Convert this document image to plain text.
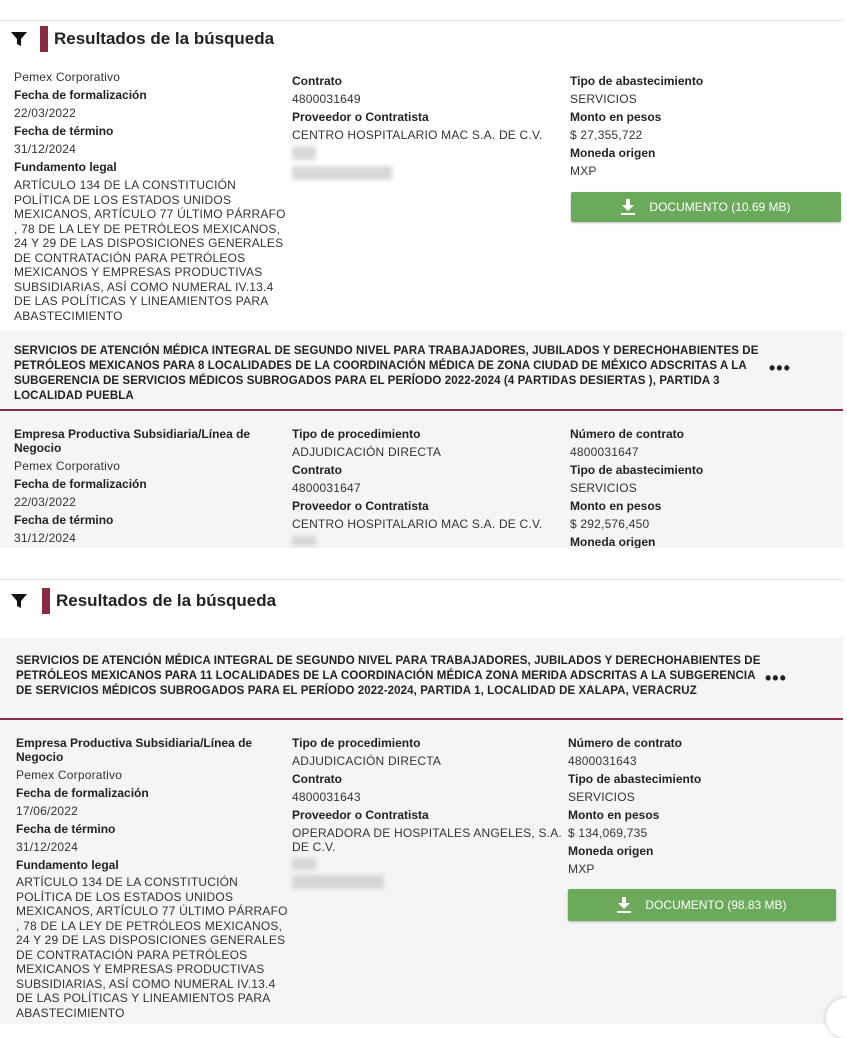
Resultados de la búsqueda
Pemex Corporativo
Fecha de formalización
22/03/2022
Fecha de término
31/12/2024
Fundamento legal
ARTÍCULO 134 DE LA CONSTITUCIÓN
POLÍTICA DE LOS ESTADOS UNIDOS
MEXICANOS, ARTÍCULO 77 ÚLTIMO PÁRRAFO
, 78 DE LA LEY DE PETRÓLEOS MEXICANOS,
24 Y 29 DE LAS DISPOSICIONES GENERALES
DE CONTRATACIÓN PARA PETRÓLEOS
MEXICANOS Y EMPRESAS PRODUCTIVAS
SUBSIDIARIAS, ASÍ COMO NUMERAL IV.13.4
DE LAS POLÍTICAS Y LINEAMIENTOS PARA
ABASTECIMIENTO
Contrato
4800031649
Proveedor o Contratista
CENTRO HOSPITALARIO MAC S.A. DE C.V.
Tipo de abastecimiento
SERVICIOS
Monto en pesos
$ 27,355,722
Moneda origen
MXP
DOCUMENTO (10.69 MB)
SERVICIOS DE ATENCIÓN MÉDICA INTEGRAL DE SEGUNDO NIVEL PARA TRABAJADORES, JUBILADOS Y DERECHOHABIENTES DE PETRÓLEOS MEXICANOS PARA 8 LOCALIDADES DE LA COORDINACIÓN MÉDICA DE ZONA CIUDAD DE MÉXICO ADSCRITAS A LA SUBGERENCIA DE SERVICIOS MÉDICOS SUBROGADOS PARA EL PERÍODO 2022-2024 (4 PARTIDAS DESIERTAS ), PARTIDA 3 LOCALIDAD PUEBLA
•••
Empresa Productiva Subsidiaria/Línea de Negocio
Pemex Corporativo
Fecha de formalización
22/03/2022
Fecha de término
31/12/2024
Tipo de procedimiento
ADJUDICACIÓN DIRECTA
Contrato
4800031647
Proveedor o Contratista
CENTRO HOSPITALARIO MAC S.A. DE C.V.
Número de contrato
4800031647
Tipo de abastecimiento
SERVICIOS
Monto en pesos
$ 292,576,450
Moneda origen
Resultados de la búsqueda
SERVICIOS DE ATENCIÓN MÉDICA INTEGRAL DE SEGUNDO NIVEL PARA TRABAJADORES, JUBILADOS Y DERECHOHABIENTES DE PETRÓLEOS MEXICANOS PARA 11 LOCALIDADES DE LA COORDINACIÓN MÉDICA ZONA MERIDA ADSCRITAS A LA SUBGERENCIA DE SERVICIOS MÉDICOS SUBROGADOS PARA EL PERÍODO 2022-2024, PARTIDA 1, LOCALIDAD DE XALAPA, VERACRUZ
•••
Empresa Productiva Subsidiaria/Línea de Negocio
Pemex Corporativo
Fecha de formalización
17/06/2022
Fecha de término
31/12/2024
Fundamento legal
ARTÍCULO 134 DE LA CONSTITUCIÓN
POLÍTICA DE LOS ESTADOS UNIDOS
MEXICANOS, ARTÍCULO 77 ÚLTIMO PÁRRAFO
, 78 DE LA LEY DE PETRÓLEOS MEXICANOS,
24 Y 29 DE LAS DISPOSICIONES GENERALES
DE CONTRATACIÓN PARA PETRÓLEOS
MEXICANOS Y EMPRESAS PRODUCTIVAS
SUBSIDIARIAS, ASÍ COMO NUMERAL IV.13.4
DE LAS POLÍTICAS Y LINEAMIENTOS PARA
ABASTECIMIENTO
Tipo de procedimiento
ADJUDICACIÓN DIRECTA
Contrato
4800031643
Proveedor o Contratista
OPERADORA DE HOSPITALES ANGELES, S.A.
DE C.V.
Número de contrato
4800031643
Tipo de abastecimiento
SERVICIOS
Monto en pesos
$ 134,069,735
Moneda origen
MXP
DOCUMENTO (98.83 MB)
